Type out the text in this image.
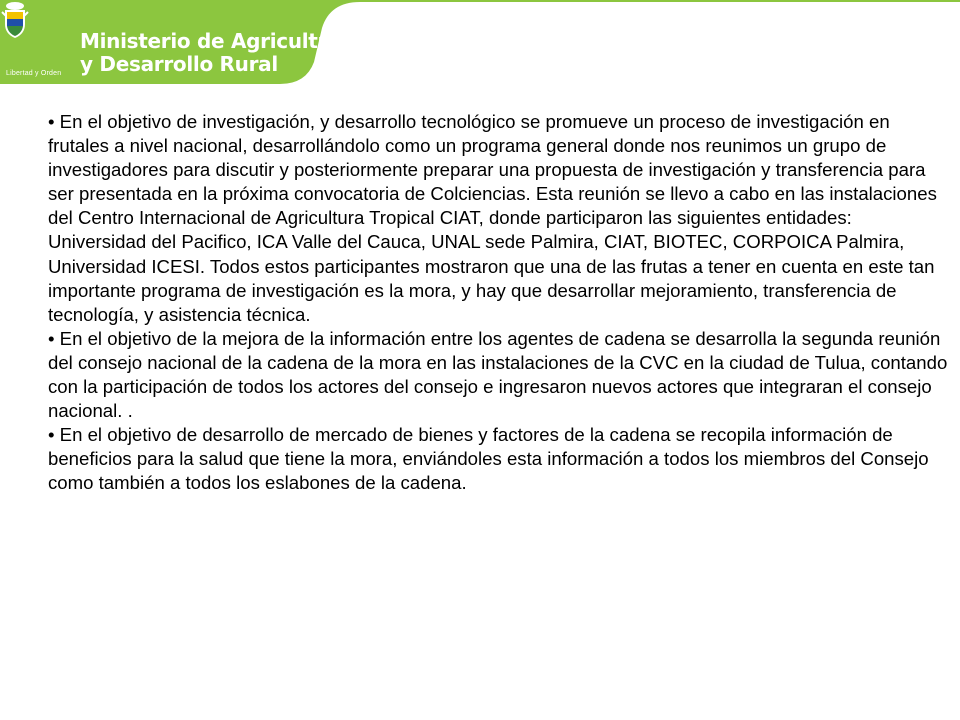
Libertad y Orden
Ministerio de Agricultura
y Desarrollo Rural

• En el objetivo de investigación, y desarrollo tecnológico se promueve un proceso de investigación en frutales a nivel nacional, desarrollándolo como un programa general donde nos reunimos un grupo de investigadores para discutir y posteriormente preparar una propuesta de investigación y transferencia para ser presentada en la próxima convocatoria de Colciencias. Esta reunión se llevo a cabo en las instalaciones del Centro Internacional de Agricultura Tropical CIAT, donde participaron las siguientes entidades: Universidad del Pacifico, ICA Valle del Cauca, UNAL sede Palmira, CIAT, BIOTEC, CORPOICA Palmira, Universidad ICESI. Todos estos participantes mostraron que una de las frutas a tener en cuenta en este tan importante programa de investigación es la mora, y hay que desarrollar mejoramiento, transferencia de tecnología, y asistencia técnica.

• En el objetivo de la mejora de la información entre los agentes de cadena se desarrolla la segunda reunión del consejo nacional de la cadena de la mora en las instalaciones de la CVC en la ciudad de Tulua, contando con la participación de todos los actores del consejo e ingresaron nuevos actores que integraran el consejo nacional. .

• En el objetivo de desarrollo de mercado de bienes y factores de la cadena se recopila información de beneficios para la salud que tiene la mora, enviándoles esta información a todos los miembros del Consejo como también a todos los eslabones de la cadena.
